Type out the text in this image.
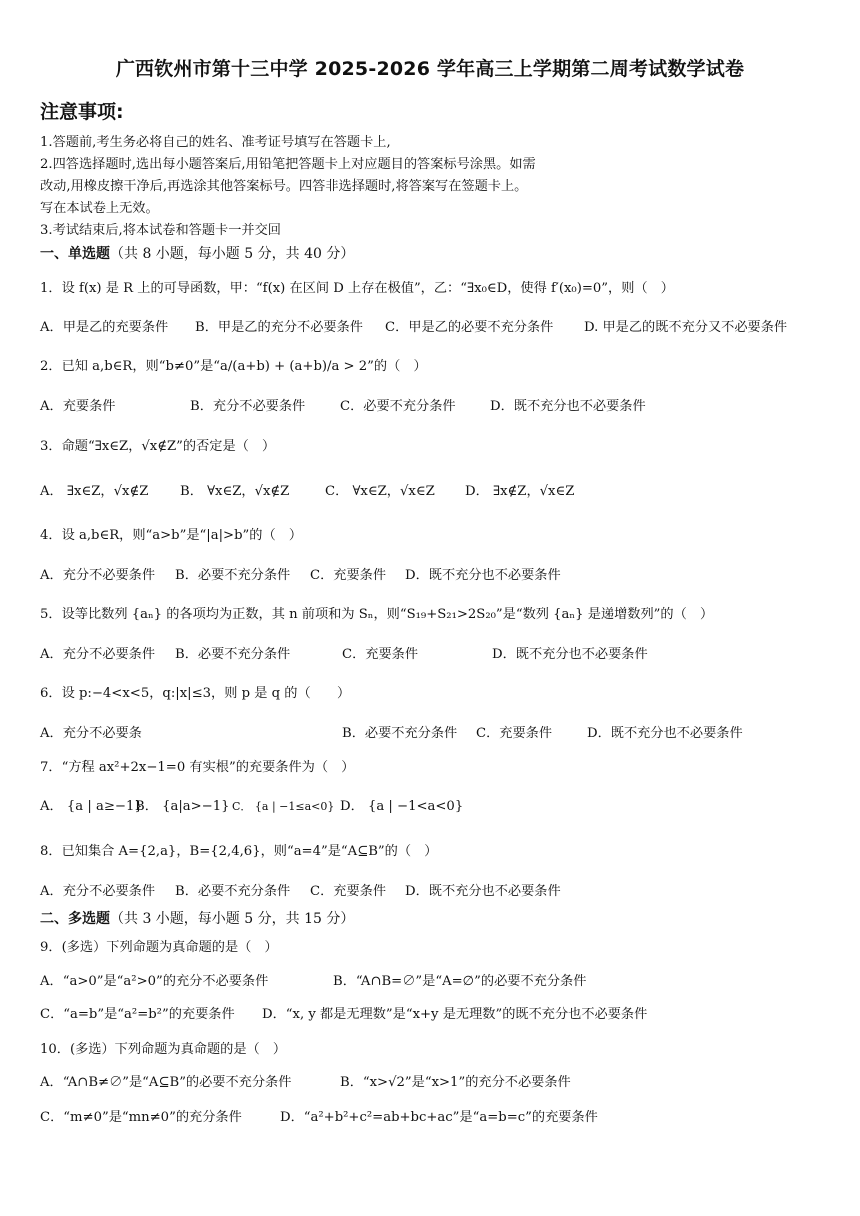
广西钦州市第十三中学 2025-2026 学年高三上学期第二周考试数学试卷
注意事项:
1.答题前,考生务必将自己的姓名、准考证号填写在答题卡上,
2.四答选择题时,选出每小题答案后,用铅笔把答题卡上对应题目的答案标号涂黑。如需
改动,用橡皮擦干净后,再选涂其他答案标号。四答非选择题时,将答案写在签题卡上。
写在本试卷上无效。
3.考试结束后,将本试卷和答题卡一并交回
一、单选题（共 8 小题，每小题 5 分，共 40 分）
1．设 f(x) 是 R 上的可导函数，甲：“f(x) 在区间 D 上存在极值”，乙：“∃x₀∈D，使得 f′(x₀)=0”，则（　）
A．甲是乙的充要条件 B．甲是乙的充分不必要条件 C．甲是乙的必要不充分条件 D. 甲是乙的既不充分又不必要条件
2．已知 a,b∈R，则“b≠0”是“a/(a+b) + (a+b)/a > 2”的（　）
A．充要条件	B．充分不必要条件	C．必要不充分条件	D．既不充分也不必要条件
3．命题“∃x∈Z，√x∉Z”的否定是（　）
A． ∃x∈Z，√x∉Z B． ∀x∈Z，√x∉Z	C． ∀x∈Z，√x∈Z D． ∃x∉Z，√x∈Z
4．设 a,b∈R，则“a>b”是“|a|>b”的（　）
A．充分不必要条件 B．必要不充分条件 C．充要条件 D．既不充分也不必要条件
5．设等比数列 {aₙ} 的各项均为正数，其 n 前项和为 Sₙ，则“S₁₉+S₂₁>2S₂₀”是“数列 {aₙ} 是递增数列”的（　）
A．充分不必要条件 B．必要不充分条件	C．充要条件	D．既不充分也不必要条件
6．设 p:−4<x<5，q:|x|≤3，则 p 是 q 的（　　）
A．充分不必要条	B．必要不充分条件 C．充要条件	D．既不充分也不必要条件
7．“方程 ax²+2x−1=0 有实根”的充要条件为（　）
A． {a | a≥−1}
B． {a|a>−1} C． {a | −1≤a<0} D． {a | −1<a<0}
8．已知集合 A={2,a}，B={2,4,6}，则“a=4”是“A⊆B”的（　）
A．充分不必要条件 B．必要不充分条件 C．充要条件 D．既不充分也不必要条件
二、多选题（共 3 小题，每小题 5 分，共 15 分）
9．(多选）下列命题为真命题的是（　）
A．“a>0”是“a²>0”的充分不必要条件	B．“A∩B=∅”是“A=∅”的必要不充分条件
C．“a=b”是“a²=b²”的充要条件 D．“x, y 都是无理数”是“x+y 是无理数”的既不充分也不必要条件
10．(多选）下列命题为真命题的是（　）
A．“A∩B≠∅”是“A⊆B”的必要不充分条件	B．“x>√2”是“x>1”的充分不必要条件
C．“m≠0”是“mn≠0”的充分条件	D．“a²+b²+c²=ab+bc+ac”是“a=b=c”的充要条件
